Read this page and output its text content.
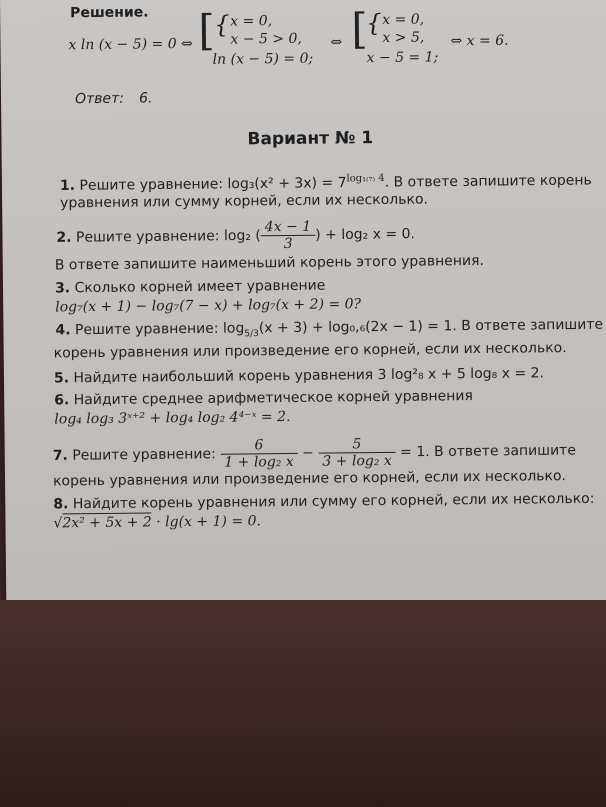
Решение.
x ln (x − 5) = 0 ⇔ [ { x = 0,
x − 5 > 0,
ln (x − 5) = 0;
⇔ [
{ x = 0,
x > 5,
x − 5 = 1;
⇔ x = 6.
Ответ: 6.
Вариант № 1
1. Решите уравнение: $\log_3(x^2 + 3x) = 7^{log_{1(7)} 4}$. В ответе запишите корень
уравнения или сумму корней, если их несколько.
2. Решите уравнение: log₂ ( $\frac{4x - 1}{3}$ ) + log₂ x = 0.
В ответе запишите наименьший корень этого уравнения.
3. Сколько корней имеет уравнение
log₇(x + 1) − log₇(7 − x) + log₇(x + 2) = 0?
4. Решите уравнение: $\log_{5/3}(x + 3) + \log_0,_6(2x - 1) = 1$. В ответе запишите
корень уравнения или произведение его корней, если их несколько.
5. Найдите наибольший корень уравнения 3 log²₈ x + 5 log₈ x = 2.
6. Найдите среднее арифметическое корней уравнения
log₄ log₃ 3ˣ⁺² + log₄ log₂ 4⁴⁻ˣ = 2.
7. Решите уравнение: $\frac{6}{\text{1 + log₂ x}} - \frac{5}{\text{3 + log₂ x}} = 1$. В ответе запишите
корень уравнения или произведение его корней, если их несколько.
8. Найдите корень уравнения или сумму его корней, если их несколько:
√2x² + 5x + 2 · lg(x + 1) = 0.
